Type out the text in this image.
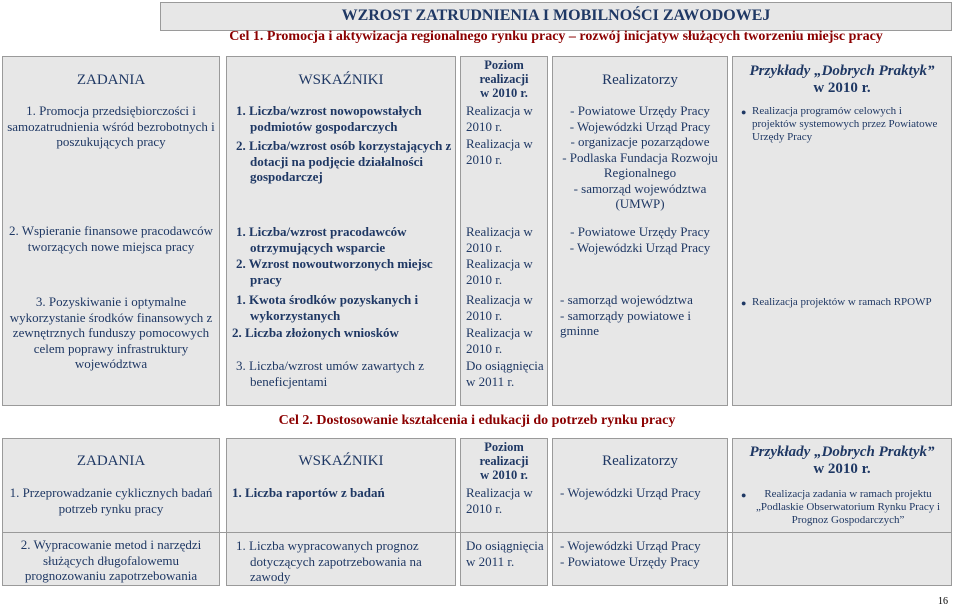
WZROST ZATRUDNIENIA I MOBILNOŚCI ZAWODOWEJ
Cel 1. Promocja i aktywizacja regionalnego rynku pracy – rozwój inicjatyw służących tworzeniu miejsc pracy
ZADANIA	WSKAŹNIKI
Poziom
realizacji
w 2010 r.
Realizatorzy
Przykłady „Dobrych Praktyk”
w 2010 r.
1. Promocja przedsiębiorczości i samozatrudnienia wśród bezrobotnych i poszukujących pracy
2. Wspieranie finansowe pracodawców tworzących nowe miejsca pracy
3. Pozyskiwanie i optymalne wykorzystanie środków finansowych z zewnętrznych funduszy pomocowych celem poprawy infrastruktury województwa
1. Liczba/wzrost nowopowstałych podmiotów gospodarczych
2. Liczba/wzrost osób korzystających z dotacji na podjęcie działalności gospodarczej
1. Liczba/wzrost pracodawców otrzymujących wsparcie
2. Wzrost nowoutworzonych miejsc pracy
1. Kwota środków pozyskanych i wykorzystanych
2. Liczba złożonych wniosków
3. Liczba/wzrost umów zawartych z beneficjentami
Realizacja w 2010 r.
Realizacja w 2010 r.
Realizacja w 2010 r.
Realizacja w 2010 r.
Realizacja w 2010 r.
Realizacja w 2010 r.
Do osiągnięcia w 2011 r.
- Powiatowe Urzędy Pracy
- Wojewódzki Urząd Pracy
- organizacje pozarządowe
- Podlaska Fundacja Rozwoju Regionalnego
- samorząd województwa (UMWP)
- Powiatowe Urzędy Pracy
- Wojewódzki Urząd Pracy
- samorząd województwa
- samorządy powiatowe i gminne
● Realizacja programów celowych i projektów systemowych przez Powiatowe Urzędy Pracy
● Realizacja projektów w ramach RPOWP
Cel 2. Dostosowanie kształcenia i edukacji do potrzeb rynku pracy
ZADANIA	WSKAŹNIKI
Poziom
realizacji
w 2010 r.
Realizatorzy
Przykłady „Dobrych Praktyk”
w 2010 r.
1. Przeprowadzanie cyklicznych badań potrzeb rynku pracy
2. Wypracowanie metod i narzędzi służących długofalowemu prognozowaniu zapotrzebowania
1. Liczba raportów z badań
1. Liczba wypracowanych prognoz dotyczących zapotrzebowania na zawody
Realizacja w 2010 r.
Do osiągnięcia w 2011 r.
- Wojewódzki Urząd Pracy
- Wojewódzki Urząd Pracy
- Powiatowe Urzędy Pracy
● Realizacja zadania w ramach projektu „Podlaskie Obserwatorium Rynku Pracy i Prognoz Gospodarczych”
16
